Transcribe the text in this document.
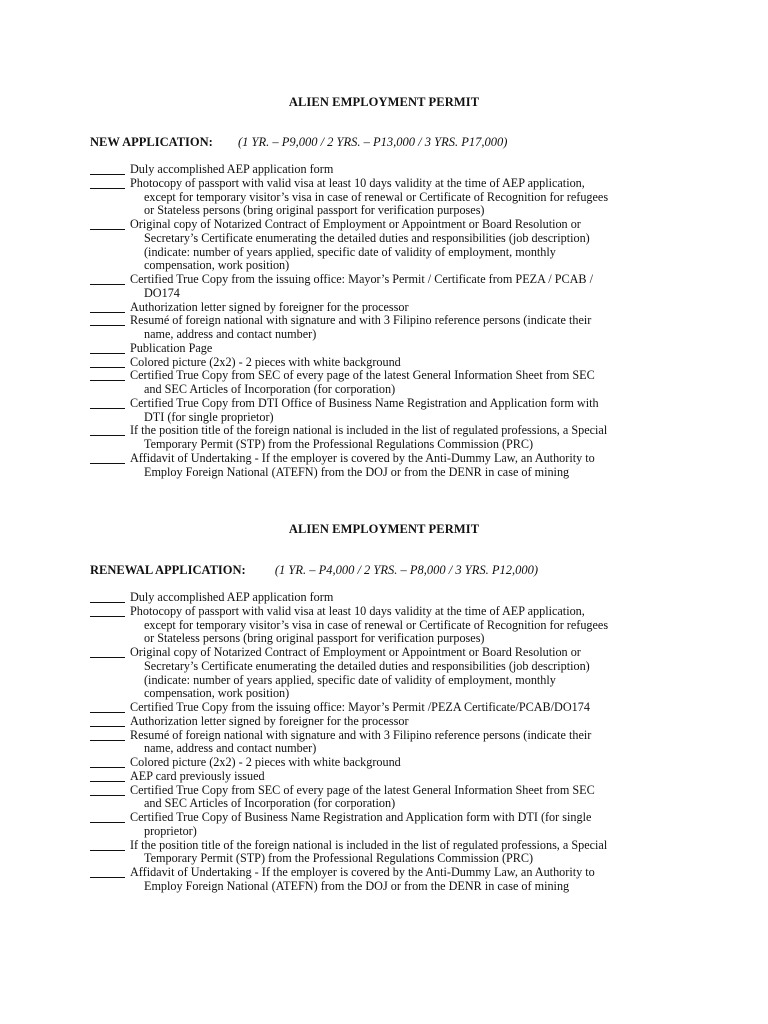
ALIEN EMPLOYMENT PERMIT
NEW APPLICATION: (1 YR. – P9,000 / 2 YRS. – P13,000 / 3 YRS. P17,000)
Duly accomplished AEP application form
Photocopy of passport with valid visa at least 10 days validity at the time of AEP application,
except for temporary visitor’s visa in case of renewal or Certificate of Recognition for refugees
or Stateless persons (bring original passport for verification purposes)
Original copy of Notarized Contract of Employment or Appointment or Board Resolution or
Secretary’s Certificate enumerating the detailed duties and responsibilities (job description)
(indicate: number of years applied, specific date of validity of employment, monthly
compensation, work position)
Certified True Copy from the issuing office: Mayor’s Permit / Certificate from PEZA / PCAB /
DO174
Authorization letter signed by foreigner for the processor
Resumé of foreign national with signature and with 3 Filipino reference persons (indicate their
name, address and contact number)
Publication Page
Colored picture (2x2) - 2 pieces with white background
Certified True Copy from SEC of every page of the latest General Information Sheet from SEC
and SEC Articles of Incorporation (for corporation)
Certified True Copy from DTI Office of Business Name Registration and Application form with
DTI (for single proprietor)
If the position title of the foreign national is included in the list of regulated professions, a Special
Temporary Permit (STP) from the Professional Regulations Commission (PRC)
Affidavit of Undertaking - If the employer is covered by the Anti-Dummy Law, an Authority to
Employ Foreign National (ATEFN) from the DOJ or from the DENR in case of mining
ALIEN EMPLOYMENT PERMIT
RENEWAL APPLICATION: (1 YR. – P4,000 / 2 YRS. – P8,000 / 3 YRS. P12,000)
Duly accomplished AEP application form
Photocopy of passport with valid visa at least 10 days validity at the time of AEP application,
except for temporary visitor’s visa in case of renewal or Certificate of Recognition for refugees
or Stateless persons (bring original passport for verification purposes)
Original copy of Notarized Contract of Employment or Appointment or Board Resolution or
Secretary’s Certificate enumerating the detailed duties and responsibilities (job description)
(indicate: number of years applied, specific date of validity of employment, monthly
compensation, work position)
Certified True Copy from the issuing office: Mayor’s Permit /PEZA Certificate/PCAB/DO174
Authorization letter signed by foreigner for the processor
Resumé of foreign national with signature and with 3 Filipino reference persons (indicate their
name, address and contact number)
Colored picture (2x2) - 2 pieces with white background
AEP card previously issued
Certified True Copy from SEC of every page of the latest General Information Sheet from SEC
and SEC Articles of Incorporation (for corporation)
Certified True Copy of Business Name Registration and Application form with DTI (for single
proprietor)
If the position title of the foreign national is included in the list of regulated professions, a Special
Temporary Permit (STP) from the Professional Regulations Commission (PRC)
Affidavit of Undertaking - If the employer is covered by the Anti-Dummy Law, an Authority to
Employ Foreign National (ATEFN) from the DOJ or from the DENR in case of mining
